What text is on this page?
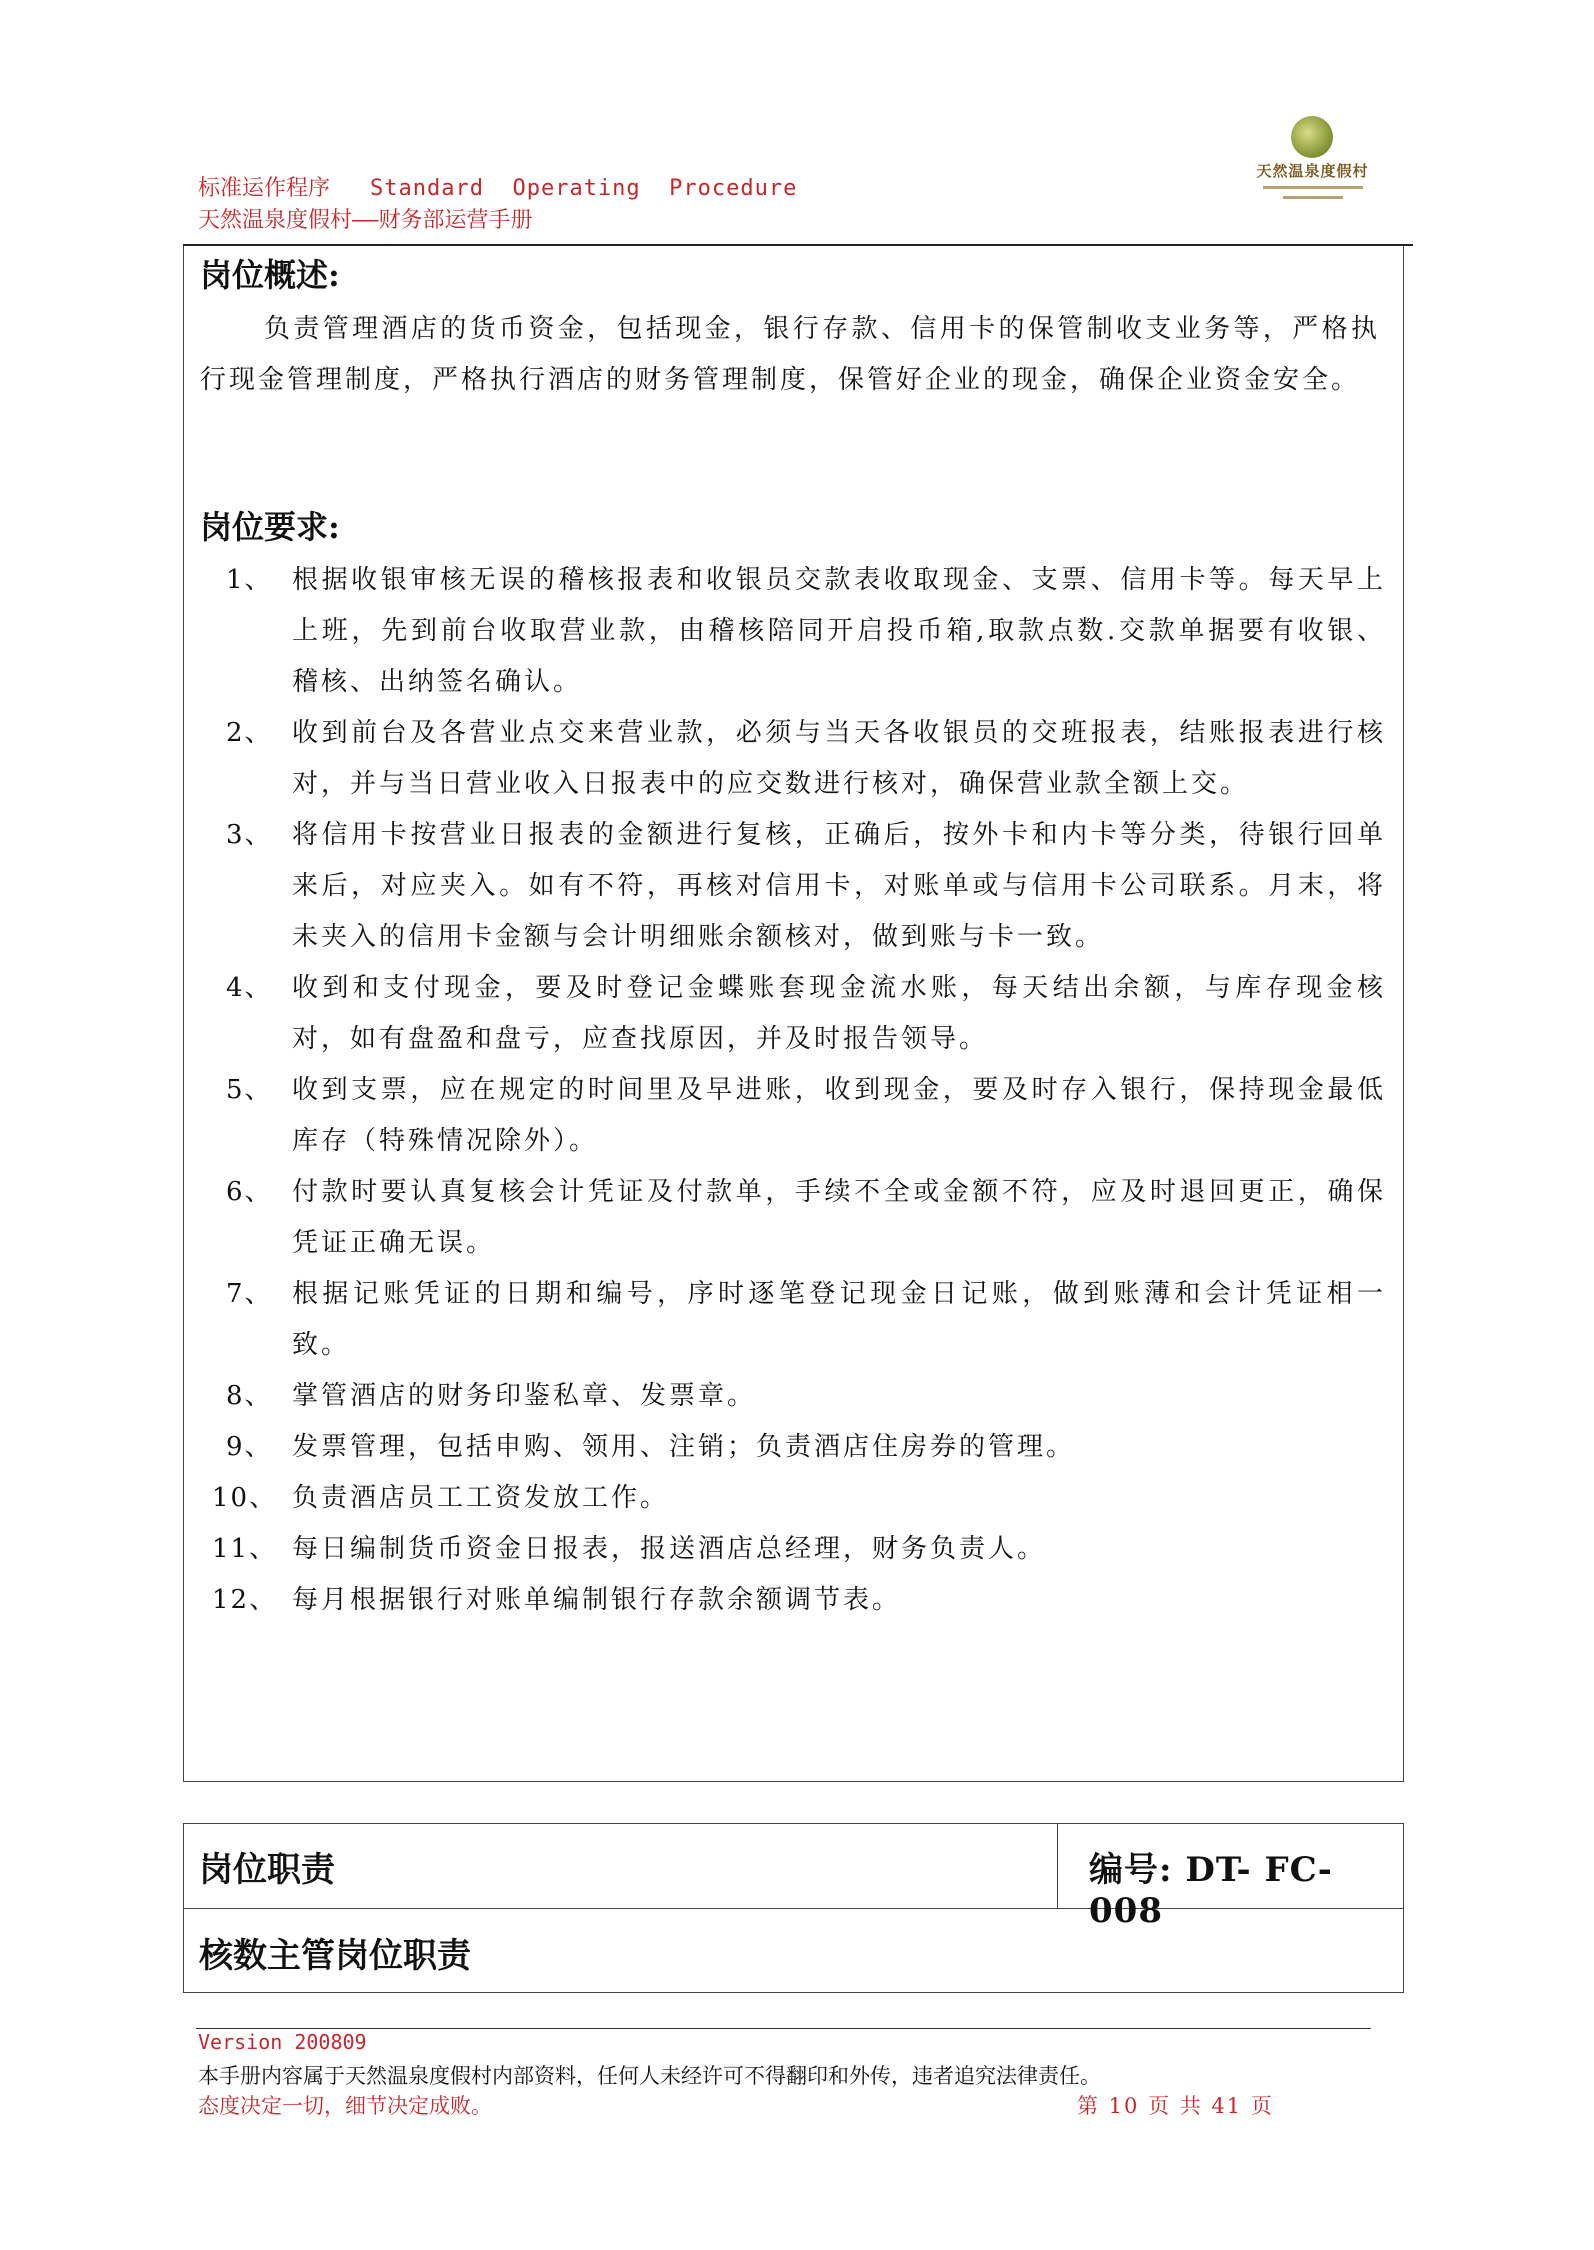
标准运作程序 Standard  Operating  Procedure
天然温泉度假村——财务部运营手册
天然温泉度假村
岗位概述:
负责管理酒店的货币资金，包括现金，银行存款、信用卡的保管制收支业务等，严格执行现金管理制度，严格执行酒店的财务管理制度，保管好企业的现金，确保企业资金安全。
岗位要求:
1、 根据收银审核无误的稽核报表和收银员交款表收取现金、支票、信用卡等。每天早上上班，先到前台收取营业款，由稽核陪同开启投币箱,取款点数.交款单据要有收银、稽核、出纳签名确认。
2、 收到前台及各营业点交来营业款，必须与当天各收银员的交班报表，结账报表进行核对，并与当日营业收入日报表中的应交数进行核对，确保营业款全额上交。
3、 将信用卡按营业日报表的金额进行复核，正确后，按外卡和内卡等分类，待银行回单来后，对应夹入。如有不符，再核对信用卡，对账单或与信用卡公司联系。月末，将未夹入的信用卡金额与会计明细账余额核对，做到账与卡一致。
4、 收到和支付现金，要及时登记金蝶账套现金流水账，每天结出余额，与库存现金核对，如有盘盈和盘亏，应查找原因，并及时报告领导。
5、 收到支票，应在规定的时间里及早进账，收到现金，要及时存入银行，保持现金最低库存（特殊情况除外）。
6、 付款时要认真复核会计凭证及付款单，手续不全或金额不符，应及时退回更正，确保凭证正确无误。
7、 根据记账凭证的日期和编号，序时逐笔登记现金日记账，做到账薄和会计凭证相一致。
8、 掌管酒店的财务印鉴私章、发票章。
9、 发票管理，包括申购、领用、注销；负责酒店住房券的管理。
10、 负责酒店员工工资发放工作。
11、 每日编制货币资金日报表，报送酒店总经理，财务负责人。
12、 每月根据银行对账单编制银行存款余额调节表。
岗位职责	编号: DT- FC-008
核数主管岗位职责
Version 200809
本手册内容属于天然温泉度假村内部资料，任何人未经许可不得翻印和外传，违者追究法律责任。
态度决定一切，细节决定成败。	第 10 页 共 41 页
